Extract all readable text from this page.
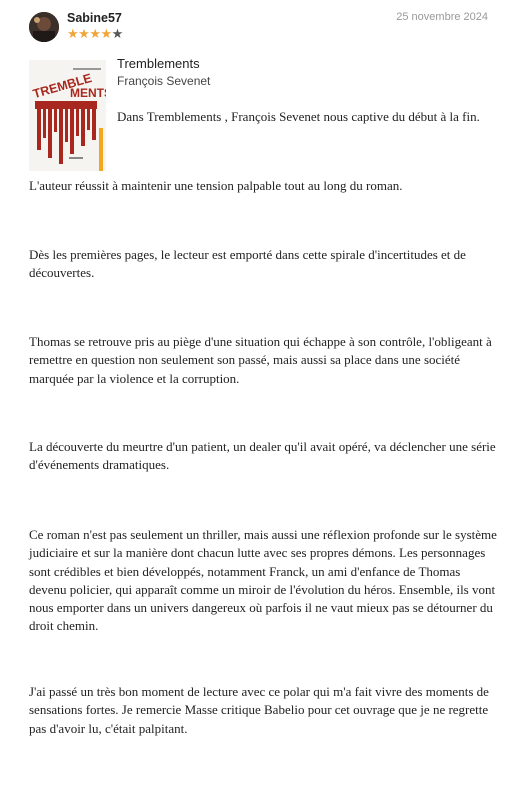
Sabine57
★★★★★
25 novembre 2024
TREMBLE
MENT
Tremblements
François Sevenet
Dans Tremblements , François Sevenet nous captive du début à la fin.

L'auteur réussit à maintenir une tension palpable tout au long du roman.

Dès les premières pages, le lecteur est emporté dans cette spirale d'incertitudes et de découvertes.

Thomas se retrouve pris au piège d'une situation qui échappe à son contrôle, l'obligeant à remettre en question non seulement son passé, mais aussi sa place dans une société marquée par la violence et la corruption.

La découverte du meurtre d'un patient, un dealer qu'il avait opéré, va déclencher une série d'événements dramatiques.

Ce roman n'est pas seulement un thriller, mais aussi une réflexion profonde sur le système judiciaire et sur la manière dont chacun lutte avec ses propres démons. Les personnages sont crédibles et bien développés, notamment Franck, un ami d'enfance de Thomas devenu policier, qui apparaît comme un miroir de l'évolution du héros. Ensemble, ils vont nous emporter dans un univers dangereux où parfois il ne vaut mieux pas se détourner du droit chemin.

J'ai passé un très bon moment de lecture avec ce polar qui m'a fait vivre des moments de sensations fortes. Je remercie Masse critique Babelio pour cet ouvrage que je ne regrette pas d'avoir lu, c'était palpitant.
